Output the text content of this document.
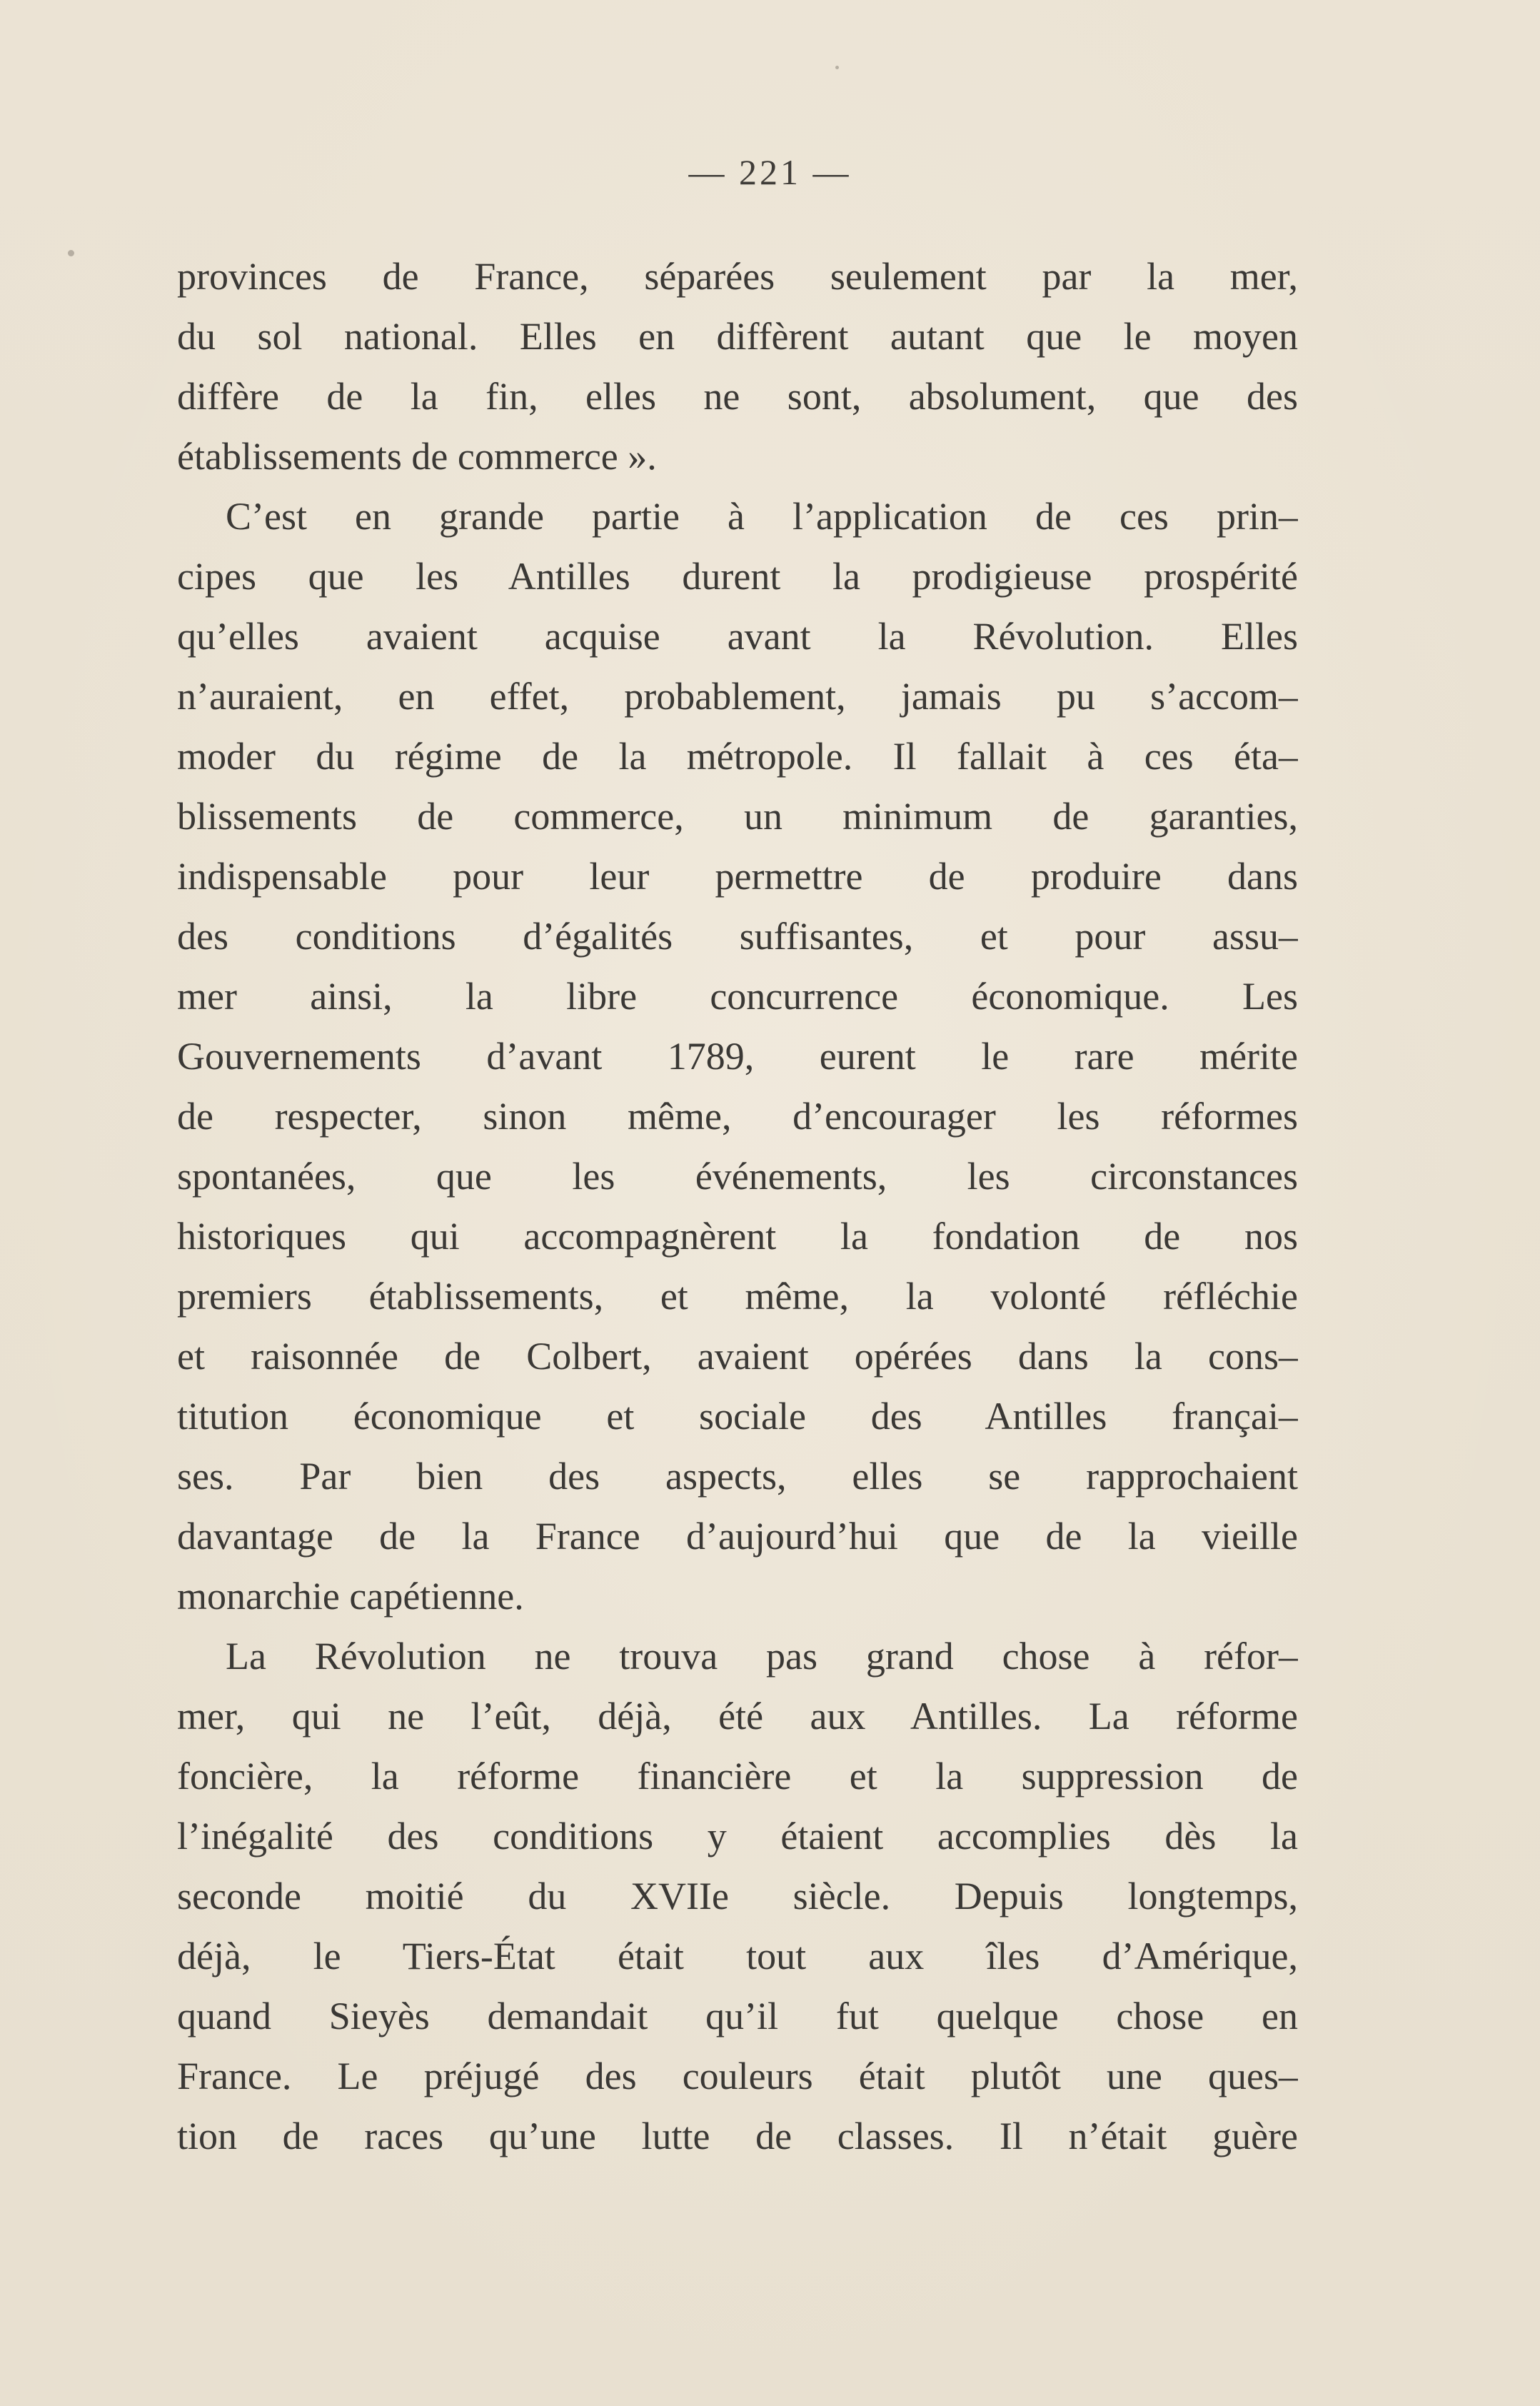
— 221 —
provinces de France, séparées seulement par la mer,
du sol national. Elles en diffèrent autant que le moyen
diffère de la fin, elles ne sont, absolument, que des
établissements de commerce ».
C’est en grande partie à l’application de ces prin–
cipes que les Antilles durent la prodigieuse prospérité
qu’elles avaient acquise avant la Révolution. Elles
n’auraient, en effet, probablement, jamais pu s’accom–
moder du régime de la métropole. Il fallait à ces éta–
blissements de commerce, un minimum de garanties,
indispensable pour leur permettre de produire dans
des conditions d’égalités suffisantes, et pour assu–
mer ainsi, la libre concurrence économique. Les
Gouvernements d’avant 1789, eurent le rare mérite
de respecter, sinon même, d’encourager les réformes
spontanées, que les événements, les circonstances
historiques qui accompagnèrent la fondation de nos
premiers établissements, et même, la volonté réfléchie
et raisonnée de Colbert, avaient opérées dans la cons–
titution économique et sociale des Antilles françai–
ses. Par bien des aspects, elles se rapprochaient
davantage de la France d’aujourd’hui que de la vieille
monarchie capétienne.
La Révolution ne trouva pas grand chose à réfor–
mer, qui ne l’eût, déjà, été aux Antilles. La réforme
foncière, la réforme financière et la suppression de
l’inégalité des conditions y étaient accomplies dès la
seconde moitié du XVIIe siècle. Depuis longtemps,
déjà, le Tiers-État était tout aux îles d’Amérique,
quand Sieyès demandait qu’il fut quelque chose en
France. Le préjugé des couleurs était plutôt une ques–
tion de races qu’une lutte de classes. Il n’était guère
